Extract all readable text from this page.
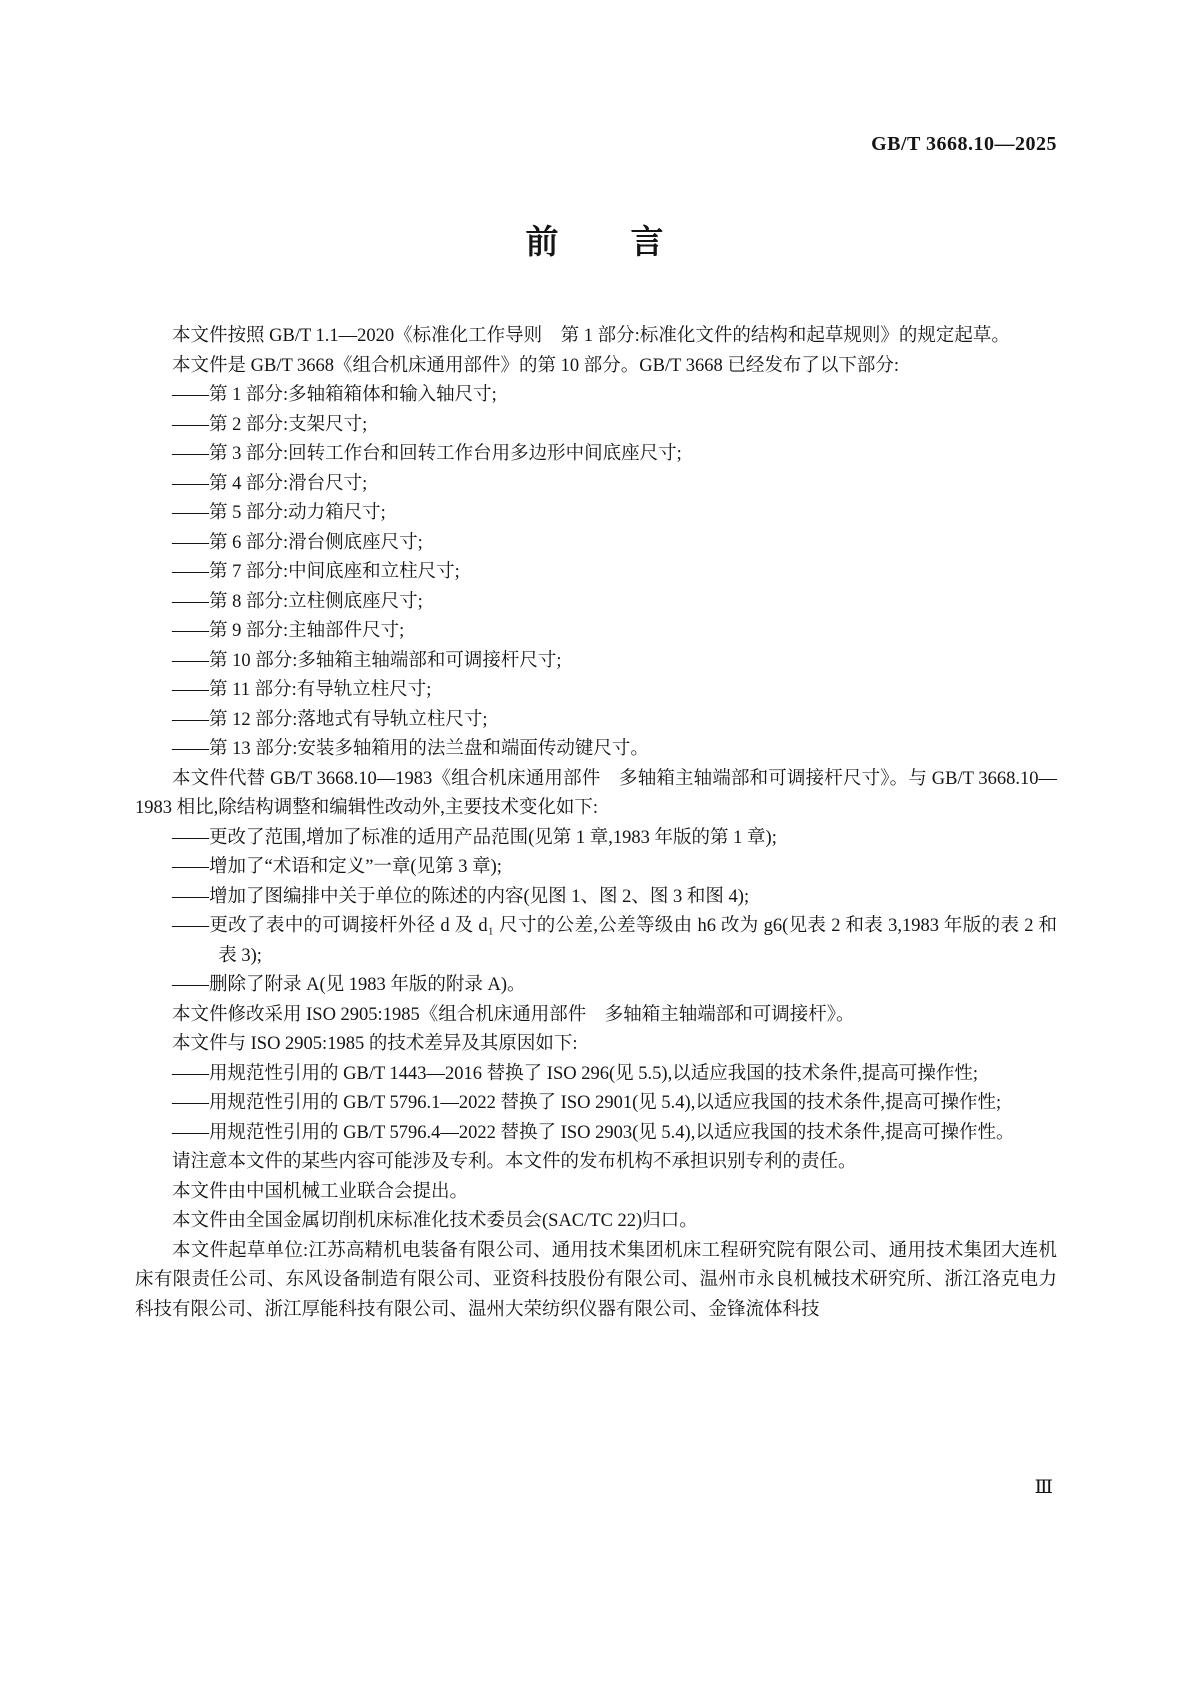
GB/T 3668.10—2025
前　　言

本文件按照 GB/T 1.1—2020《标准化工作导则　第 1 部分:标准化文件的结构和起草规则》的规定起草。

本文件是 GB/T 3668《组合机床通用部件》的第 10 部分。GB/T 3668 已经发布了以下部分:

——第 1 部分:多轴箱箱体和输入轴尺寸;

——第 2 部分:支架尺寸;

——第 3 部分:回转工作台和回转工作台用多边形中间底座尺寸;

——第 4 部分:滑台尺寸;

——第 5 部分:动力箱尺寸;

——第 6 部分:滑台侧底座尺寸;

——第 7 部分:中间底座和立柱尺寸;

——第 8 部分:立柱侧底座尺寸;

——第 9 部分:主轴部件尺寸;

——第 10 部分:多轴箱主轴端部和可调接杆尺寸;

——第 11 部分:有导轨立柱尺寸;

——第 12 部分:落地式有导轨立柱尺寸;

——第 13 部分:安装多轴箱用的法兰盘和端面传动键尺寸。

本文件代替 GB/T 3668.10—1983《组合机床通用部件　多轴箱主轴端部和可调接杆尺寸》。与 GB/T 3668.10—1983 相比,除结构调整和编辑性改动外,主要技术变化如下:

——更改了范围,增加了标准的适用产品范围(见第 1 章,1983 年版的第 1 章);

——增加了“术语和定义”一章(见第 3 章);

——增加了图编排中关于单位的陈述的内容(见图 1、图 2、图 3 和图 4);

——更改了表中的可调接杆外径 d 及 d₁ 尺寸的公差,公差等级由 h6 改为 g6(见表 2 和表 3,1983 年版的表 2 和表 3);

——删除了附录 A(见 1983 年版的附录 A)。

本文件修改采用 ISO 2905:1985《组合机床通用部件　多轴箱主轴端部和可调接杆》。

本文件与 ISO 2905:1985 的技术差异及其原因如下:

——用规范性引用的 GB/T 1443—2016 替换了 ISO 296(见 5.5),以适应我国的技术条件,提高可操作性;

——用规范性引用的 GB/T 5796.1—2022 替换了 ISO 2901(见 5.4),以适应我国的技术条件,提高可操作性;

——用规范性引用的 GB/T 5796.4—2022 替换了 ISO 2903(见 5.4),以适应我国的技术条件,提高可操作性。

请注意本文件的某些内容可能涉及专利。本文件的发布机构不承担识别专利的责任。

本文件由中国机械工业联合会提出。

本文件由全国金属切削机床标准化技术委员会(SAC/TC 22)归口。

本文件起草单位:江苏高精机电装备有限公司、通用技术集团机床工程研究院有限公司、通用技术集团大连机床有限责任公司、东风设备制造有限公司、亚资科技股份有限公司、温州市永良机械技术研究所、浙江洛克电力科技有限公司、浙江厚能科技有限公司、温州大荣纺织仪器有限公司、金锋流体科技

Ⅲ
